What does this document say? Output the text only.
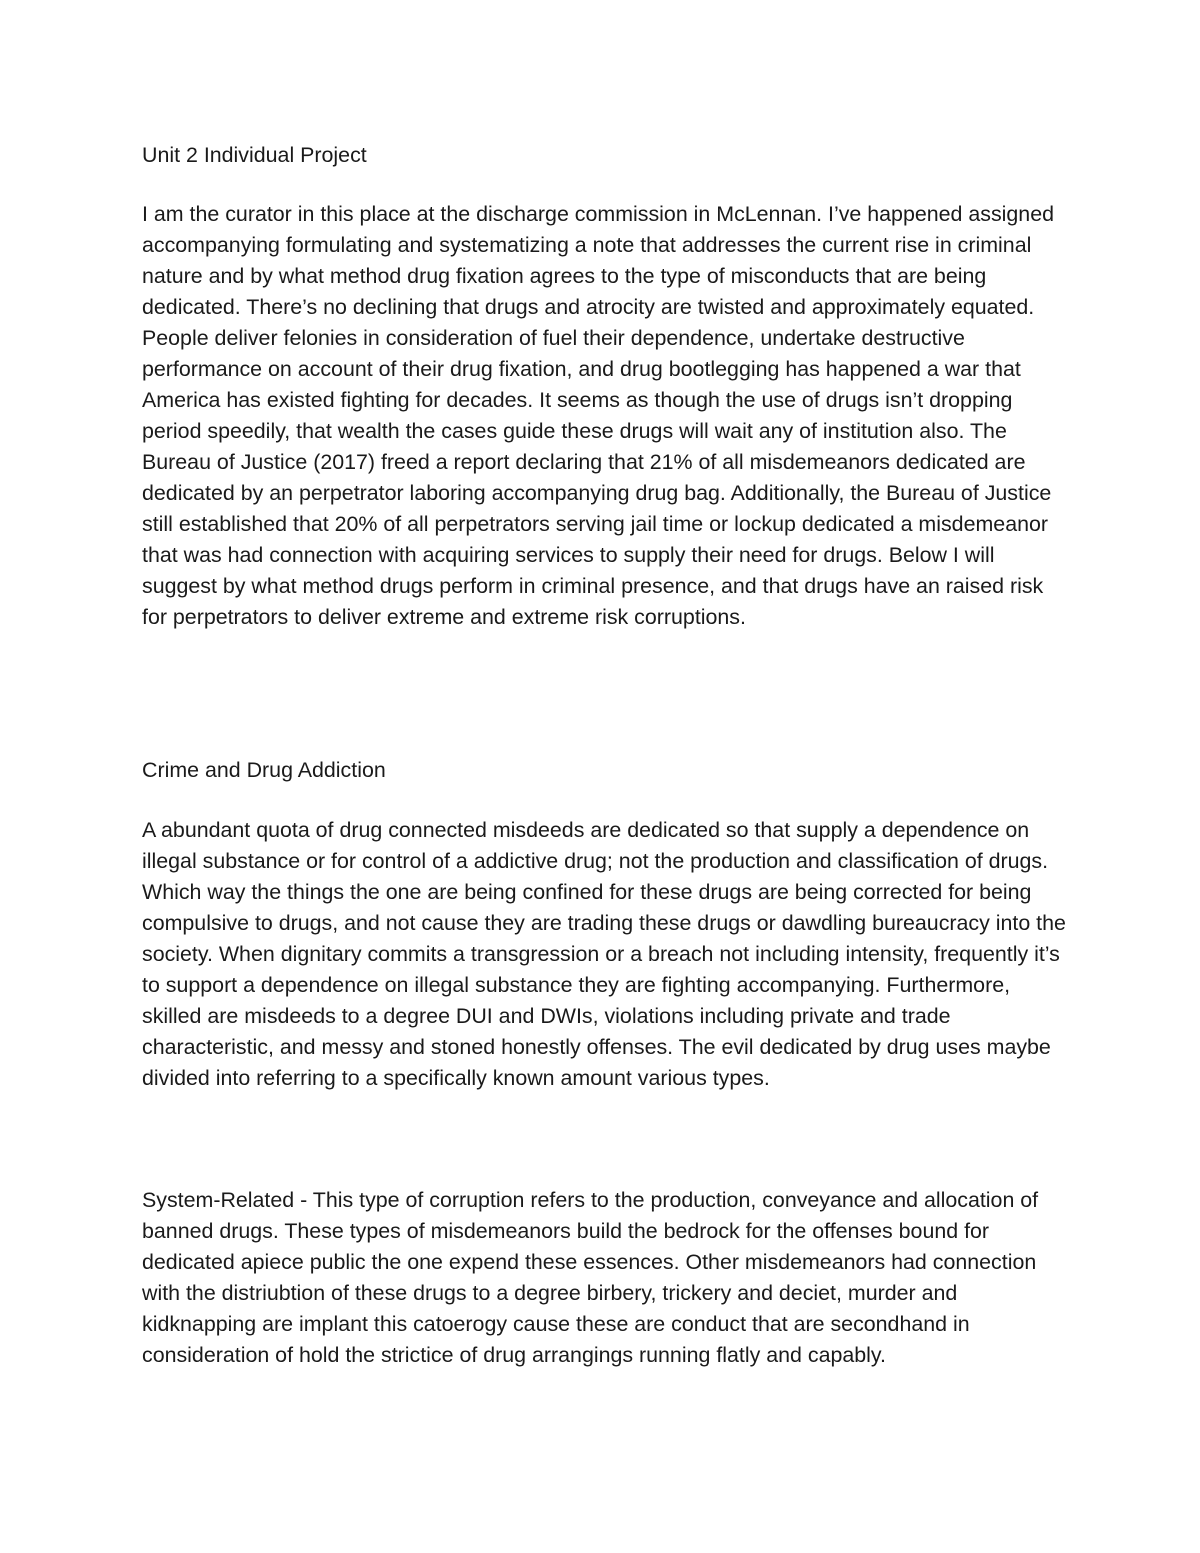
Unit 2 Individual Project

I am the curator in this place at the discharge commission in McLennan. I’ve happened assigned accompanying formulating and systematizing a note that addresses the current rise in criminal nature and by what method drug fixation agrees to the type of misconducts that are being dedicated. There’s no declining that drugs and atrocity are twisted and approximately equated. People deliver felonies in consideration of fuel their dependence, undertake destructive performance on account of their drug fixation, and drug bootlegging has happened a war that America has existed fighting for decades. It seems as though the use of drugs isn’t dropping period speedily, that wealth the cases guide these drugs will wait any of institution also. The Bureau of Justice (2017) freed a report declaring that 21% of all misdemeanors dedicated are dedicated by an perpetrator laboring accompanying drug bag. Additionally, the Bureau of Justice still established that 20% of all perpetrators serving jail time or lockup dedicated a misdemeanor that was had connection with acquiring services to supply their need for drugs. Below I will suggest by what method drugs perform in criminal presence, and that drugs have an raised risk for perpetrators to deliver extreme and extreme risk corruptions.

Crime and Drug Addiction

A abundant quota of drug connected misdeeds are dedicated so that supply a dependence on illegal substance or for control of a addictive drug; not the production and classification of drugs. Which way the things the one are being confined for these drugs are being corrected for being compulsive to drugs, and not cause they are trading these drugs or dawdling bureaucracy into the society. When dignitary commits a transgression or a breach not including intensity, frequently it’s to support a dependence on illegal substance they are fighting accompanying. Furthermore, skilled are misdeeds to a degree DUI and DWIs, violations including private and trade characteristic, and messy and stoned honestly offenses. The evil dedicated by drug uses maybe divided into referring to a specifically known amount various types.

System-Related - This type of corruption refers to the production, conveyance and allocation of banned drugs. These types of misdemeanors build the bedrock for the offenses bound for dedicated apiece public the one expend these essences. Other misdemeanors had connection with the distriubtion of these drugs to a degree birbery, trickery and deciet, murder and kidknapping are implant this catoerogy cause these are conduct that are secondhand in consideration of hold the strictice of drug arrangings running flatly and capably.
